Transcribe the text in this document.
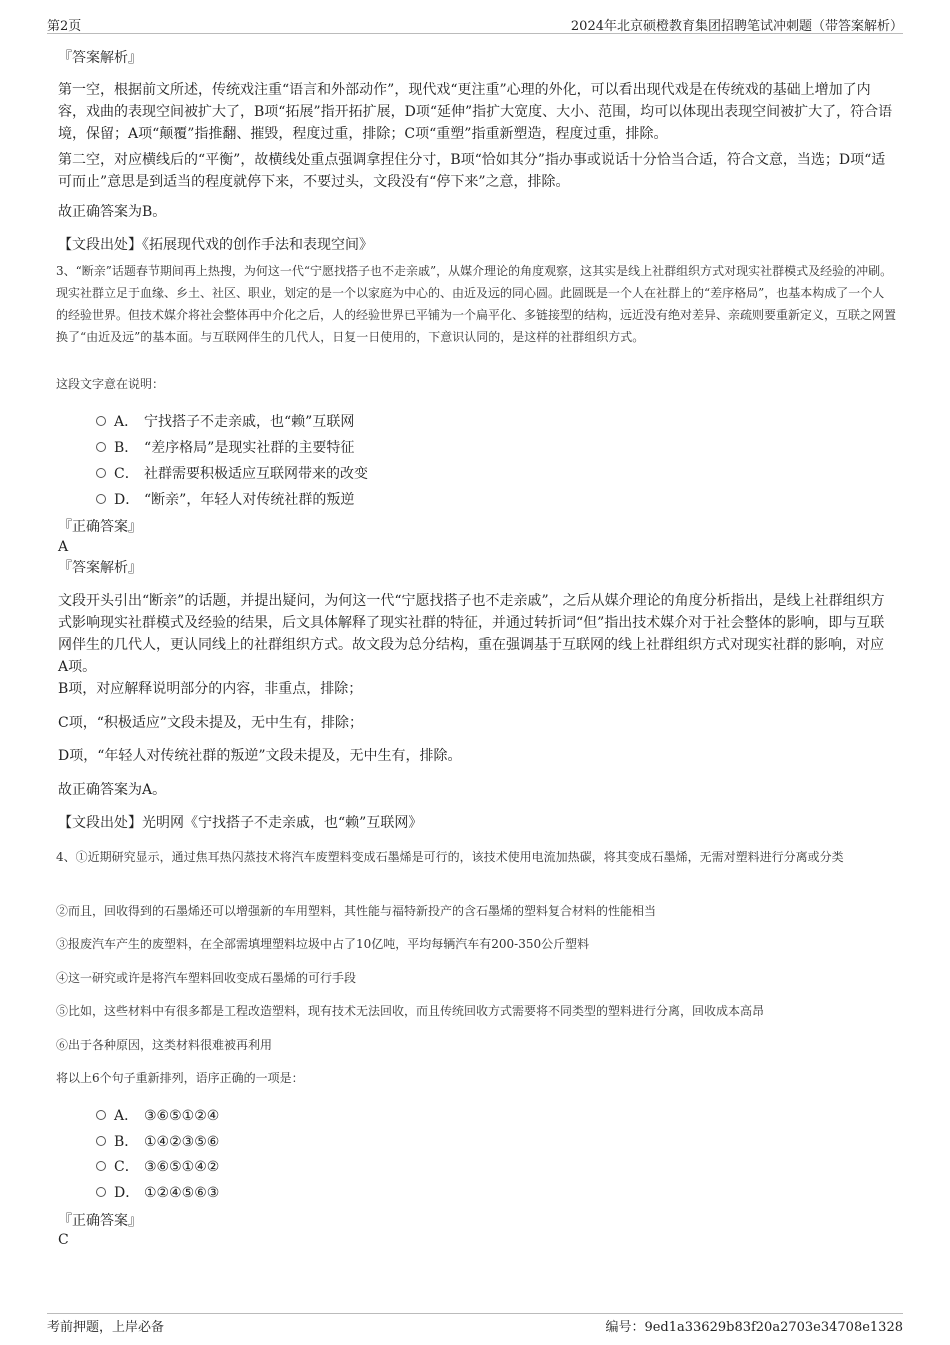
第2页	2024年北京硕橙教育集团招聘笔试冲刺题（带答案解析）

『答案解析』

第一空，根据前文所述，传统戏注重“语言和外部动作”，现代戏“更注重”心理的外化，可以看出现代戏是在传统戏的基础上增加了内容，戏曲的表现空间被扩大了，B项“拓展”指开拓扩展，D项“延伸”指扩大宽度、大小、范围，均可以体现出表现空间被扩大了，符合语境，保留；A项“颠覆”指推翻、摧毁，程度过重，排除；C项“重塑”指重新塑造，程度过重，排除。

第二空，对应横线后的“平衡”，故横线处重点强调拿捏住分寸，B项“恰如其分”指办事或说话十分恰当合适，符合文意，当选；D项“适可而止”意思是到适当的程度就停下来，不要过头，文段没有“停下来”之意，排除。

故正确答案为B。

【文段出处】《拓展现代戏的创作手法和表现空间》

3、“断亲”话题春节期间再上热搜，为何这一代“宁愿找搭子也不走亲戚”，从媒介理论的角度观察，这其实是线上社群组织方式对现实社群模式及经验的冲刷。现实社群立足于血缘、乡土、社区、职业，划定的是一个以家庭为中心的、由近及远的同心圆。此圆既是一个人在社群上的“差序格局”，也基本构成了一个人的经验世界。但技术媒介将社会整体再中介化之后，人的经验世界已平铺为一个扁平化、多链接型的结构，远近没有绝对差异、亲疏则要重新定义，互联之网置换了“由近及远”的基本面。与互联网伴生的几代人，日复一日使用的，下意识认同的，是这样的社群组织方式。

这段文字意在说明：

A． 宁找搭子不走亲戚，也“赖”互联网
B． “差序格局”是现实社群的主要特征
C． 社群需要积极适应互联网带来的改变
D． “断亲”，年轻人对传统社群的叛逆

『正确答案』

A

『答案解析』

文段开头引出“断亲”的话题，并提出疑问，为何这一代“宁愿找搭子也不走亲戚”，之后从媒介理论的角度分析指出，是线上社群组织方式影响现实社群模式及经验的结果，后文具体解释了现实社群的特征，并通过转折词“但”指出技术媒介对于社会整体的影响，即与互联网伴生的几代人，更认同线上的社群组织方式。故文段为总分结构，重在强调基于互联网的线上社群组织方式对现实社群的影响，对应A项。

B项，对应解释说明部分的内容，非重点，排除；

C项，“积极适应”文段未提及，无中生有，排除；

D项，“年轻人对传统社群的叛逆”文段未提及，无中生有，排除。

故正确答案为A。

【文段出处】光明网《宁找搭子不走亲戚，也“赖”互联网》

4、①近期研究显示，通过焦耳热闪蒸技术将汽车废塑料变成石墨烯是可行的，该技术使用电流加热碳，将其变成石墨烯，无需对塑料进行分离或分类

②而且，回收得到的石墨烯还可以增强新的车用塑料，其性能与福特新投产的含石墨烯的塑料复合材料的性能相当

③报废汽车产生的废塑料，在全部需填埋塑料垃圾中占了10亿吨，平均每辆汽车有200-350公斤塑料

④这一研究或许是将汽车塑料回收变成石墨烯的可行手段

⑤比如，这些材料中有很多都是工程改造塑料，现有技术无法回收，而且传统回收方式需要将不同类型的塑料进行分离，回收成本高昂

⑥出于各种原因，这类材料很难被再利用

将以上6个句子重新排列，语序正确的一项是：

A． ③⑥⑤①②④
B． ①④②③⑤⑥
C． ③⑥⑤①④②
D． ①②④⑤⑥③

『正确答案』

C

考前押题，上岸必备	编号：9ed1a33629b83f20a2703e34708e1328
